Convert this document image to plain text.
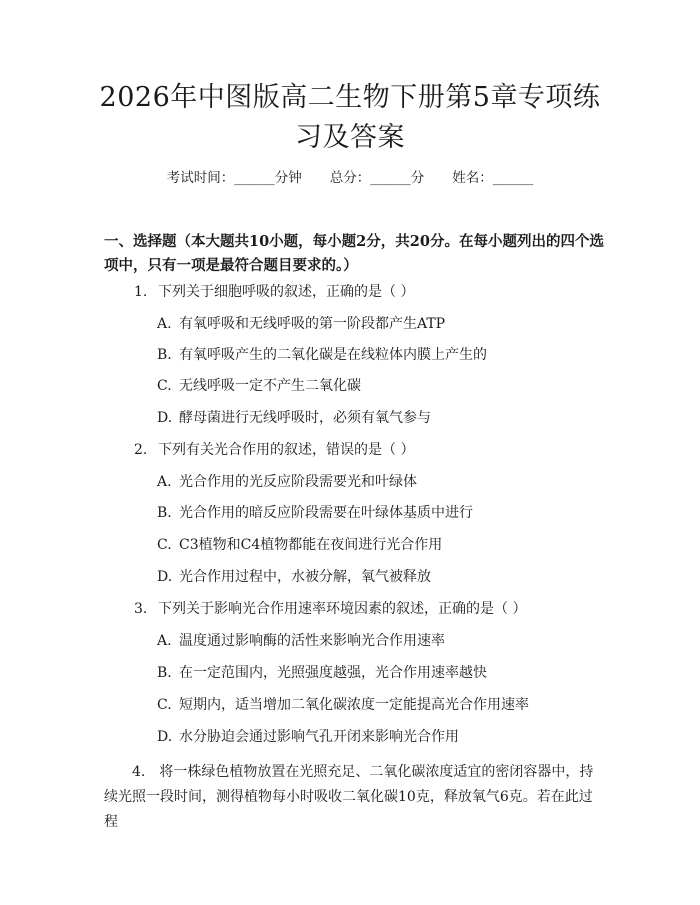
2026年中图版高二生物下册第5章专项练习及答案
考试时间：______分钟 总分：______分 姓名：______
一、选择题（本大题共10小题，每小题2分，共20分。在每小题列出的四个选项中，只有一项是最符合题目要求的。）
1. 下列关于细胞呼吸的叙述，正确的是（ ）
A. 有氧呼吸和无线呼吸的第一阶段都产生ATP
B. 有氧呼吸产生的二氧化碳是在线粒体内膜上产生的
C. 无线呼吸一定不产生二氧化碳
D. 酵母菌进行无线呼吸时，必须有氧气参与
2. 下列有关光合作用的叙述，错误的是（ ）
A. 光合作用的光反应阶段需要光和叶绿体
B. 光合作用的暗反应阶段需要在叶绿体基质中进行
C. C3植物和C4植物都能在夜间进行光合作用
D. 光合作用过程中，水被分解，氧气被释放
3. 下列关于影响光合作用速率环境因素的叙述，正确的是（ ）
A. 温度通过影响酶的活性来影响光合作用速率
B. 在一定范围内，光照强度越强，光合作用速率越快
C. 短期内，适当增加二氧化碳浓度一定能提高光合作用速率
D. 水分胁迫会通过影响气孔开闭来影响光合作用
4.　将一株绿色植物放置在光照充足、二氧化碳浓度适宜的密闭容器中，持续光照一段时间，测得植物每小时吸收二氧化碳10克，释放氧气6克。若在此过程
